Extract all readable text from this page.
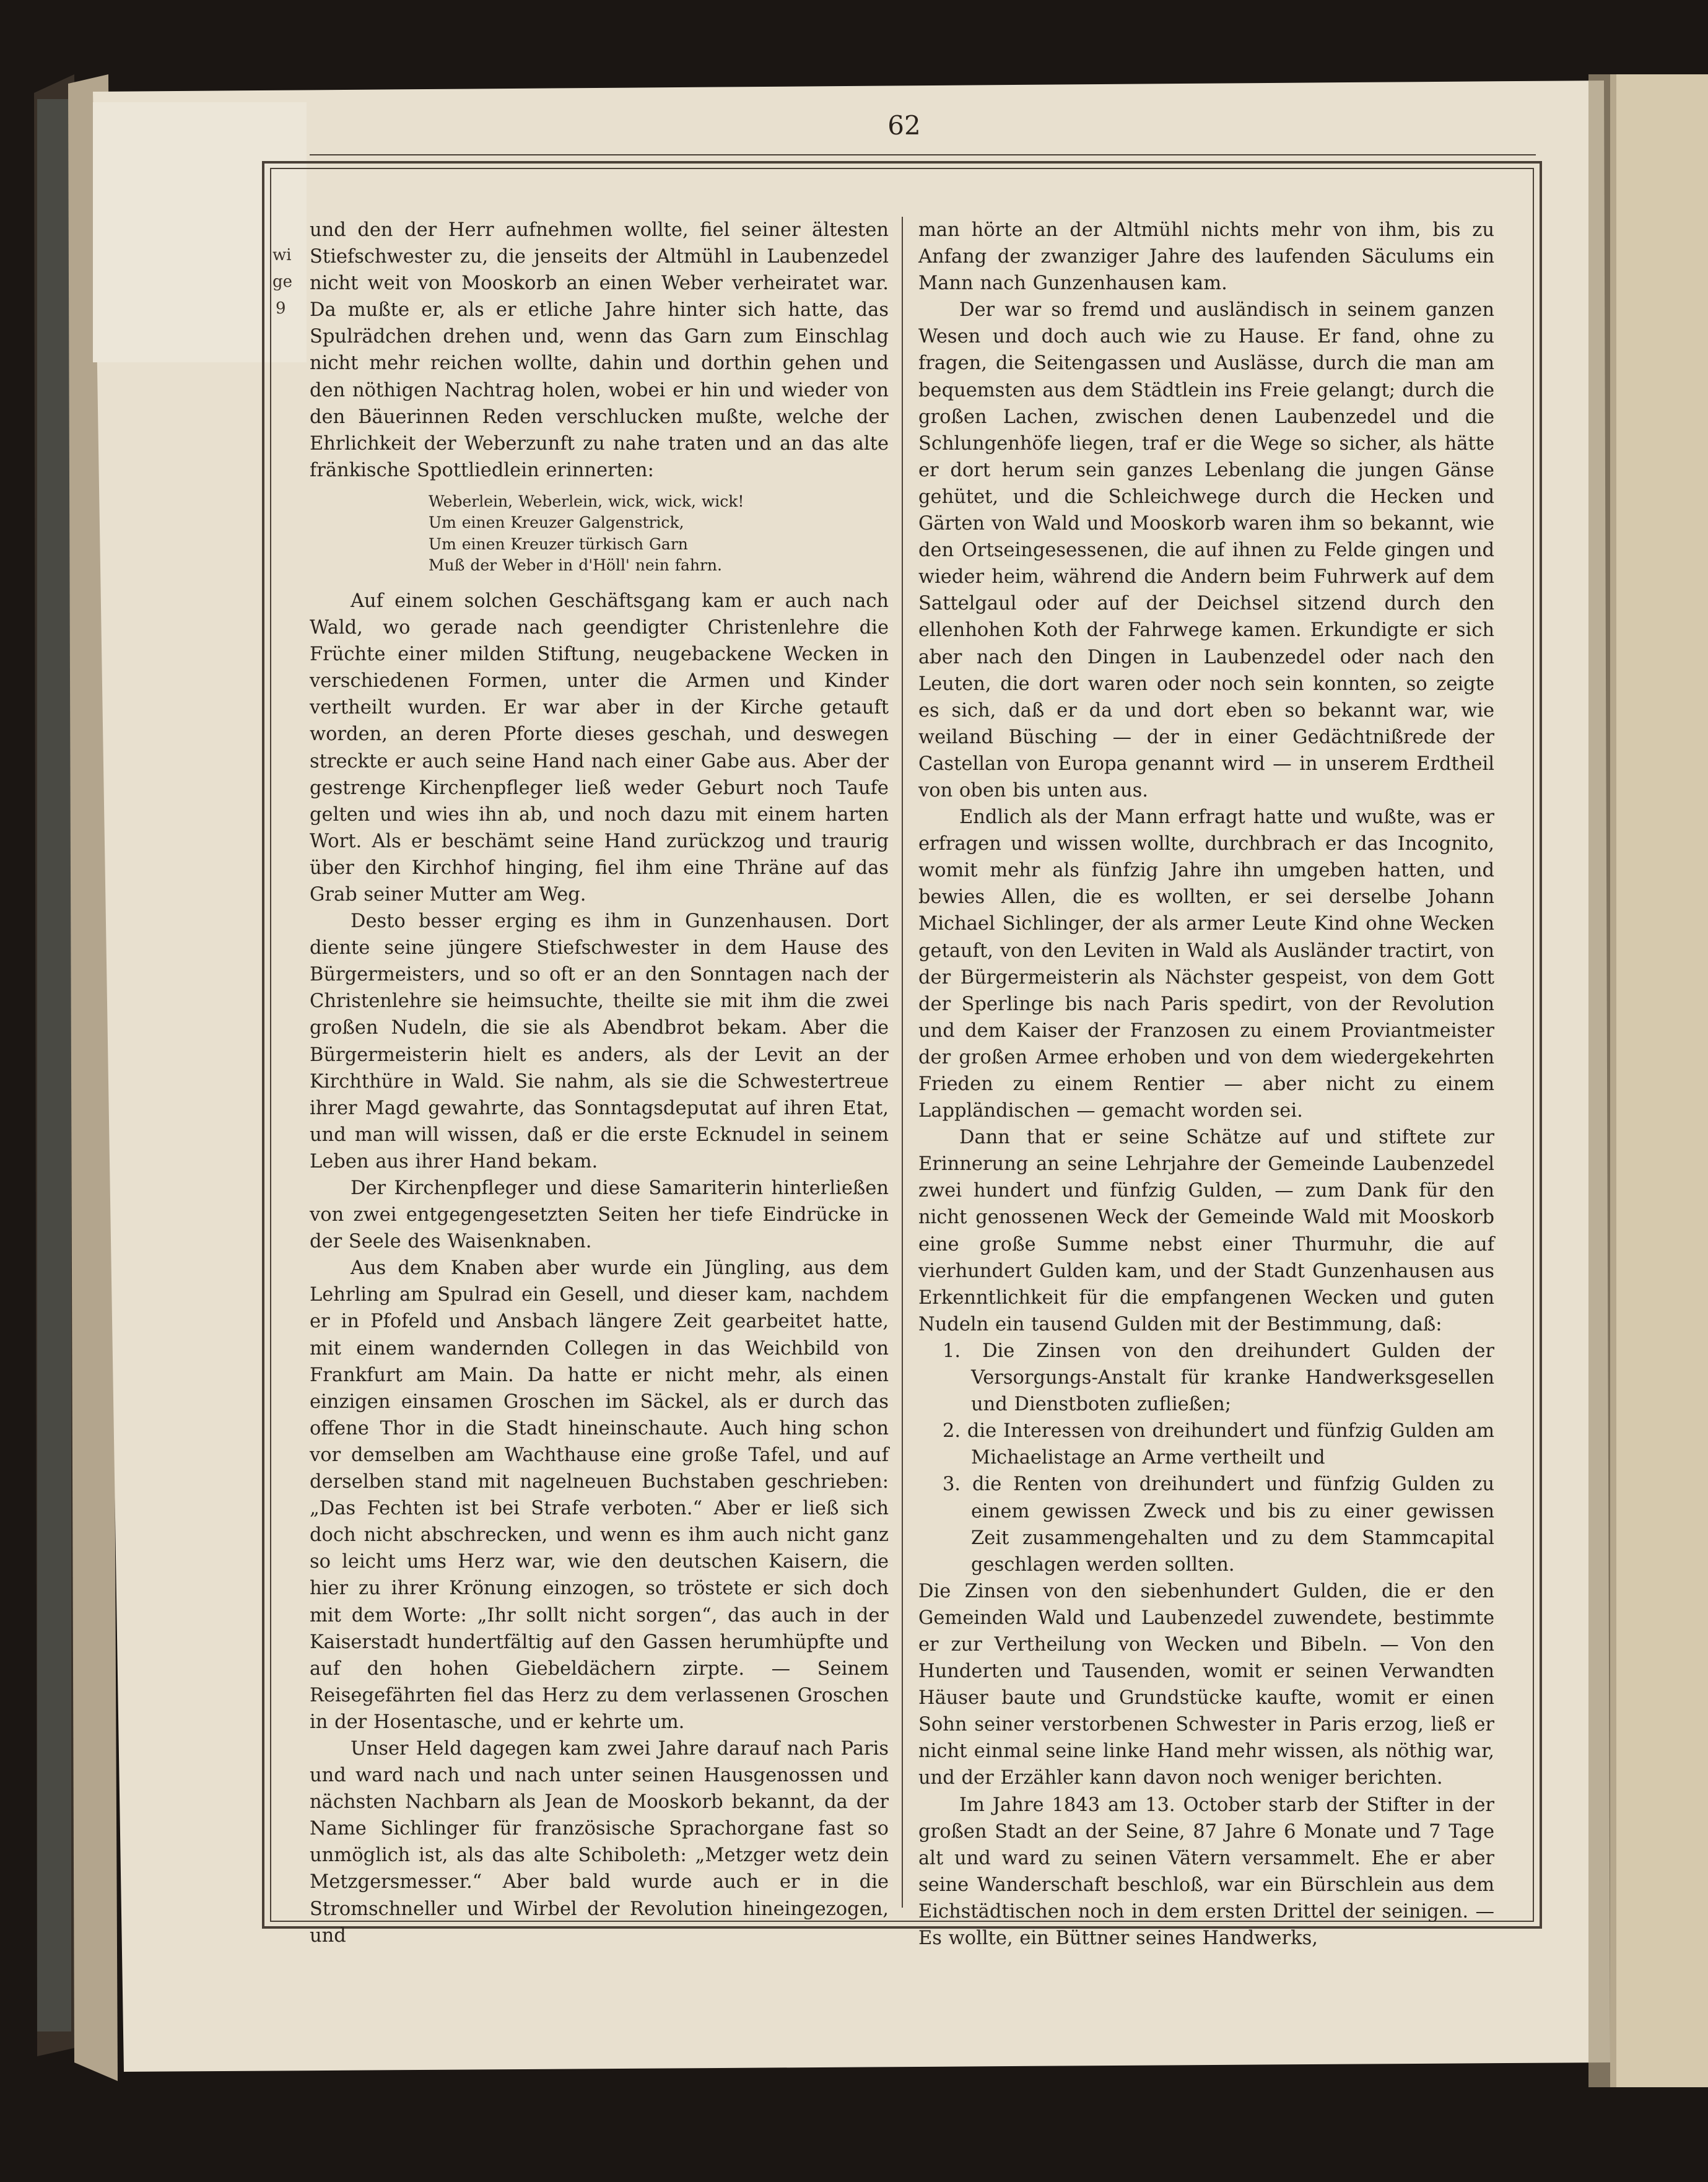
62
wi
ge
9

und den der Herr aufnehmen wollte, fiel seiner ältesten Stiefschwester zu, die jenseits der Altmühl in Laubenzedel nicht weit von Mooskorb an einen Weber verheiratet war. Da mußte er, als er etliche Jahre hinter sich hatte, das Spulrädchen drehen und, wenn das Garn zum Einschlag nicht mehr reichen wollte, dahin und dorthin gehen und den nöthigen Nachtrag holen, wobei er hin und wieder von den Bäuerinnen Reden verschlucken mußte, welche der Ehrlichkeit der Weberzunft zu nahe traten und an das alte fränkische Spottliedlein erinnerten:

Weberlein, Weberlein, wick, wick, wick!
Um einen Kreuzer Galgenstrick,
Um einen Kreuzer türkisch Garn
Muß der Weber in d'Höll' nein fahrn.

Auf einem solchen Geschäftsgang kam er auch nach Wald, wo gerade nach geendigter Christenlehre die Früchte einer milden Stiftung, neugebackene Wecken in verschiedenen Formen, unter die Armen und Kinder vertheilt wurden. Er war aber in der Kirche getauft worden, an deren Pforte dieses geschah, und deswegen streckte er auch seine Hand nach einer Gabe aus. Aber der gestrenge Kirchenpfleger ließ weder Geburt noch Taufe gelten und wies ihn ab, und noch dazu mit einem harten Wort. Als er beschämt seine Hand zurückzog und traurig über den Kirchhof hinging, fiel ihm eine Thräne auf das Grab seiner Mutter am Weg.

Desto besser erging es ihm in Gunzenhausen. Dort diente seine jüngere Stiefschwester in dem Hause des Bürgermeisters, und so oft er an den Sonntagen nach der Christenlehre sie heimsuchte, theilte sie mit ihm die zwei großen Nudeln, die sie als Abendbrot bekam. Aber die Bürgermeisterin hielt es anders, als der Levit an der Kirchthüre in Wald. Sie nahm, als sie die Schwestertreue ihrer Magd gewahrte, das Sonntagsdeputat auf ihren Etat, und man will wissen, daß er die erste Ecknudel in seinem Leben aus ihrer Hand bekam.

Der Kirchenpfleger und diese Samariterin hinterließen von zwei entgegengesetzten Seiten her tiefe Eindrücke in der Seele des Waisenknaben.

Aus dem Knaben aber wurde ein Jüngling, aus dem Lehrling am Spulrad ein Gesell, und dieser kam, nachdem er in Pfofeld und Ansbach längere Zeit gearbeitet hatte, mit einem wandernden Collegen in das Weichbild von Frankfurt am Main. Da hatte er nicht mehr, als einen einzigen einsamen Groschen im Säckel, als er durch das offene Thor in die Stadt hineinschaute. Auch hing schon vor demselben am Wachthause eine große Tafel, und auf derselben stand mit nagelneuen Buchstaben geschrieben: „Das Fechten ist bei Strafe verboten.“ Aber er ließ sich doch nicht abschrecken, und wenn es ihm auch nicht ganz so leicht ums Herz war, wie den deutschen Kaisern, die hier zu ihrer Krönung einzogen, so tröstete er sich doch mit dem Worte: „Ihr sollt nicht sorgen“, das auch in der Kaiserstadt hundertfältig auf den Gassen herumhüpfte und auf den hohen Giebeldächern zirpte. — Seinem Reisegefährten fiel das Herz zu dem verlassenen Groschen in der Hosentasche, und er kehrte um.

Unser Held dagegen kam zwei Jahre darauf nach Paris und ward nach und nach unter seinen Hausgenossen und nächsten Nachbarn als Jean de Mooskorb bekannt, da der Name Sichlinger für französische Sprachorgane fast so unmöglich ist, als das alte Schiboleth: „Metzger wetz dein Metzgersmesser.“ Aber bald wurde auch er in die Stromschneller und Wirbel der Revolution hineingezogen, und

man hörte an der Altmühl nichts mehr von ihm, bis zu Anfang der zwanziger Jahre des laufenden Säculums ein Mann nach Gunzenhausen kam.

Der war so fremd und ausländisch in seinem ganzen Wesen und doch auch wie zu Hause. Er fand, ohne zu fragen, die Seitengassen und Auslässe, durch die man am bequemsten aus dem Städtlein ins Freie gelangt; durch die großen Lachen, zwischen denen Laubenzedel und die Schlungenhöfe liegen, traf er die Wege so sicher, als hätte er dort herum sein ganzes Lebenlang die jungen Gänse gehütet, und die Schleichwege durch die Hecken und Gärten von Wald und Mooskorb waren ihm so bekannt, wie den Ortseingesessenen, die auf ihnen zu Felde gingen und wieder heim, während die Andern beim Fuhrwerk auf dem Sattelgaul oder auf der Deichsel sitzend durch den ellenhohen Koth der Fahrwege kamen. Erkundigte er sich aber nach den Dingen in Laubenzedel oder nach den Leuten, die dort waren oder noch sein konnten, so zeigte es sich, daß er da und dort eben so bekannt war, wie weiland Büsching — der in einer Gedächtnißrede der Castellan von Europa genannt wird — in unserem Erdtheil von oben bis unten aus.

Endlich als der Mann erfragt hatte und wußte, was er erfragen und wissen wollte, durchbrach er das Incognito, womit mehr als fünfzig Jahre ihn umgeben hatten, und bewies Allen, die es wollten, er sei derselbe Johann Michael Sichlinger, der als armer Leute Kind ohne Wecken getauft, von den Leviten in Wald als Ausländer tractirt, von der Bürgermeisterin als Nächster gespeist, von dem Gott der Sperlinge bis nach Paris spedirt, von der Revolution und dem Kaiser der Franzosen zu einem Proviantmeister der großen Armee erhoben und von dem wiedergekehrten Frieden zu einem Rentier — aber nicht zu einem Lappländischen — gemacht worden sei.

Dann that er seine Schätze auf und stiftete zur Erinnerung an seine Lehrjahre der Gemeinde Laubenzedel zwei hundert und fünfzig Gulden, — zum Dank für den nicht genossenen Weck der Gemeinde Wald mit Mooskorb eine große Summe nebst einer Thurmuhr, die auf vierhundert Gulden kam, und der Stadt Gunzenhausen aus Erkenntlichkeit für die empfangenen Wecken und guten Nudeln ein tausend Gulden mit der Bestimmung, daß:

1. Die Zinsen von den dreihundert Gulden der Versorgungs-Anstalt für kranke Handwerksgesellen und Dienstboten zufließen;

2. die Interessen von dreihundert und fünfzig Gulden am Michaelistage an Arme vertheilt und

3. die Renten von dreihundert und fünfzig Gulden zu einem gewissen Zweck und bis zu einer gewissen Zeit zusammengehalten und zu dem Stammcapital geschlagen werden sollten.

Die Zinsen von den siebenhundert Gulden, die er den Gemeinden Wald und Laubenzedel zuwendete, bestimmte er zur Vertheilung von Wecken und Bibeln. — Von den Hunderten und Tausenden, womit er seinen Verwandten Häuser baute und Grundstücke kaufte, womit er einen Sohn seiner verstorbenen Schwester in Paris erzog, ließ er nicht einmal seine linke Hand mehr wissen, als nöthig war, und der Erzähler kann davon noch weniger berichten.

Im Jahre 1843 am 13. October starb der Stifter in der großen Stadt an der Seine, 87 Jahre 6 Monate und 7 Tage alt und ward zu seinen Vätern versammelt. Ehe er aber seine Wanderschaft beschloß, war ein Bürschlein aus dem Eichstädtischen noch in dem ersten Drittel der seinigen. — Es wollte, ein Büttner seines Handwerks,
